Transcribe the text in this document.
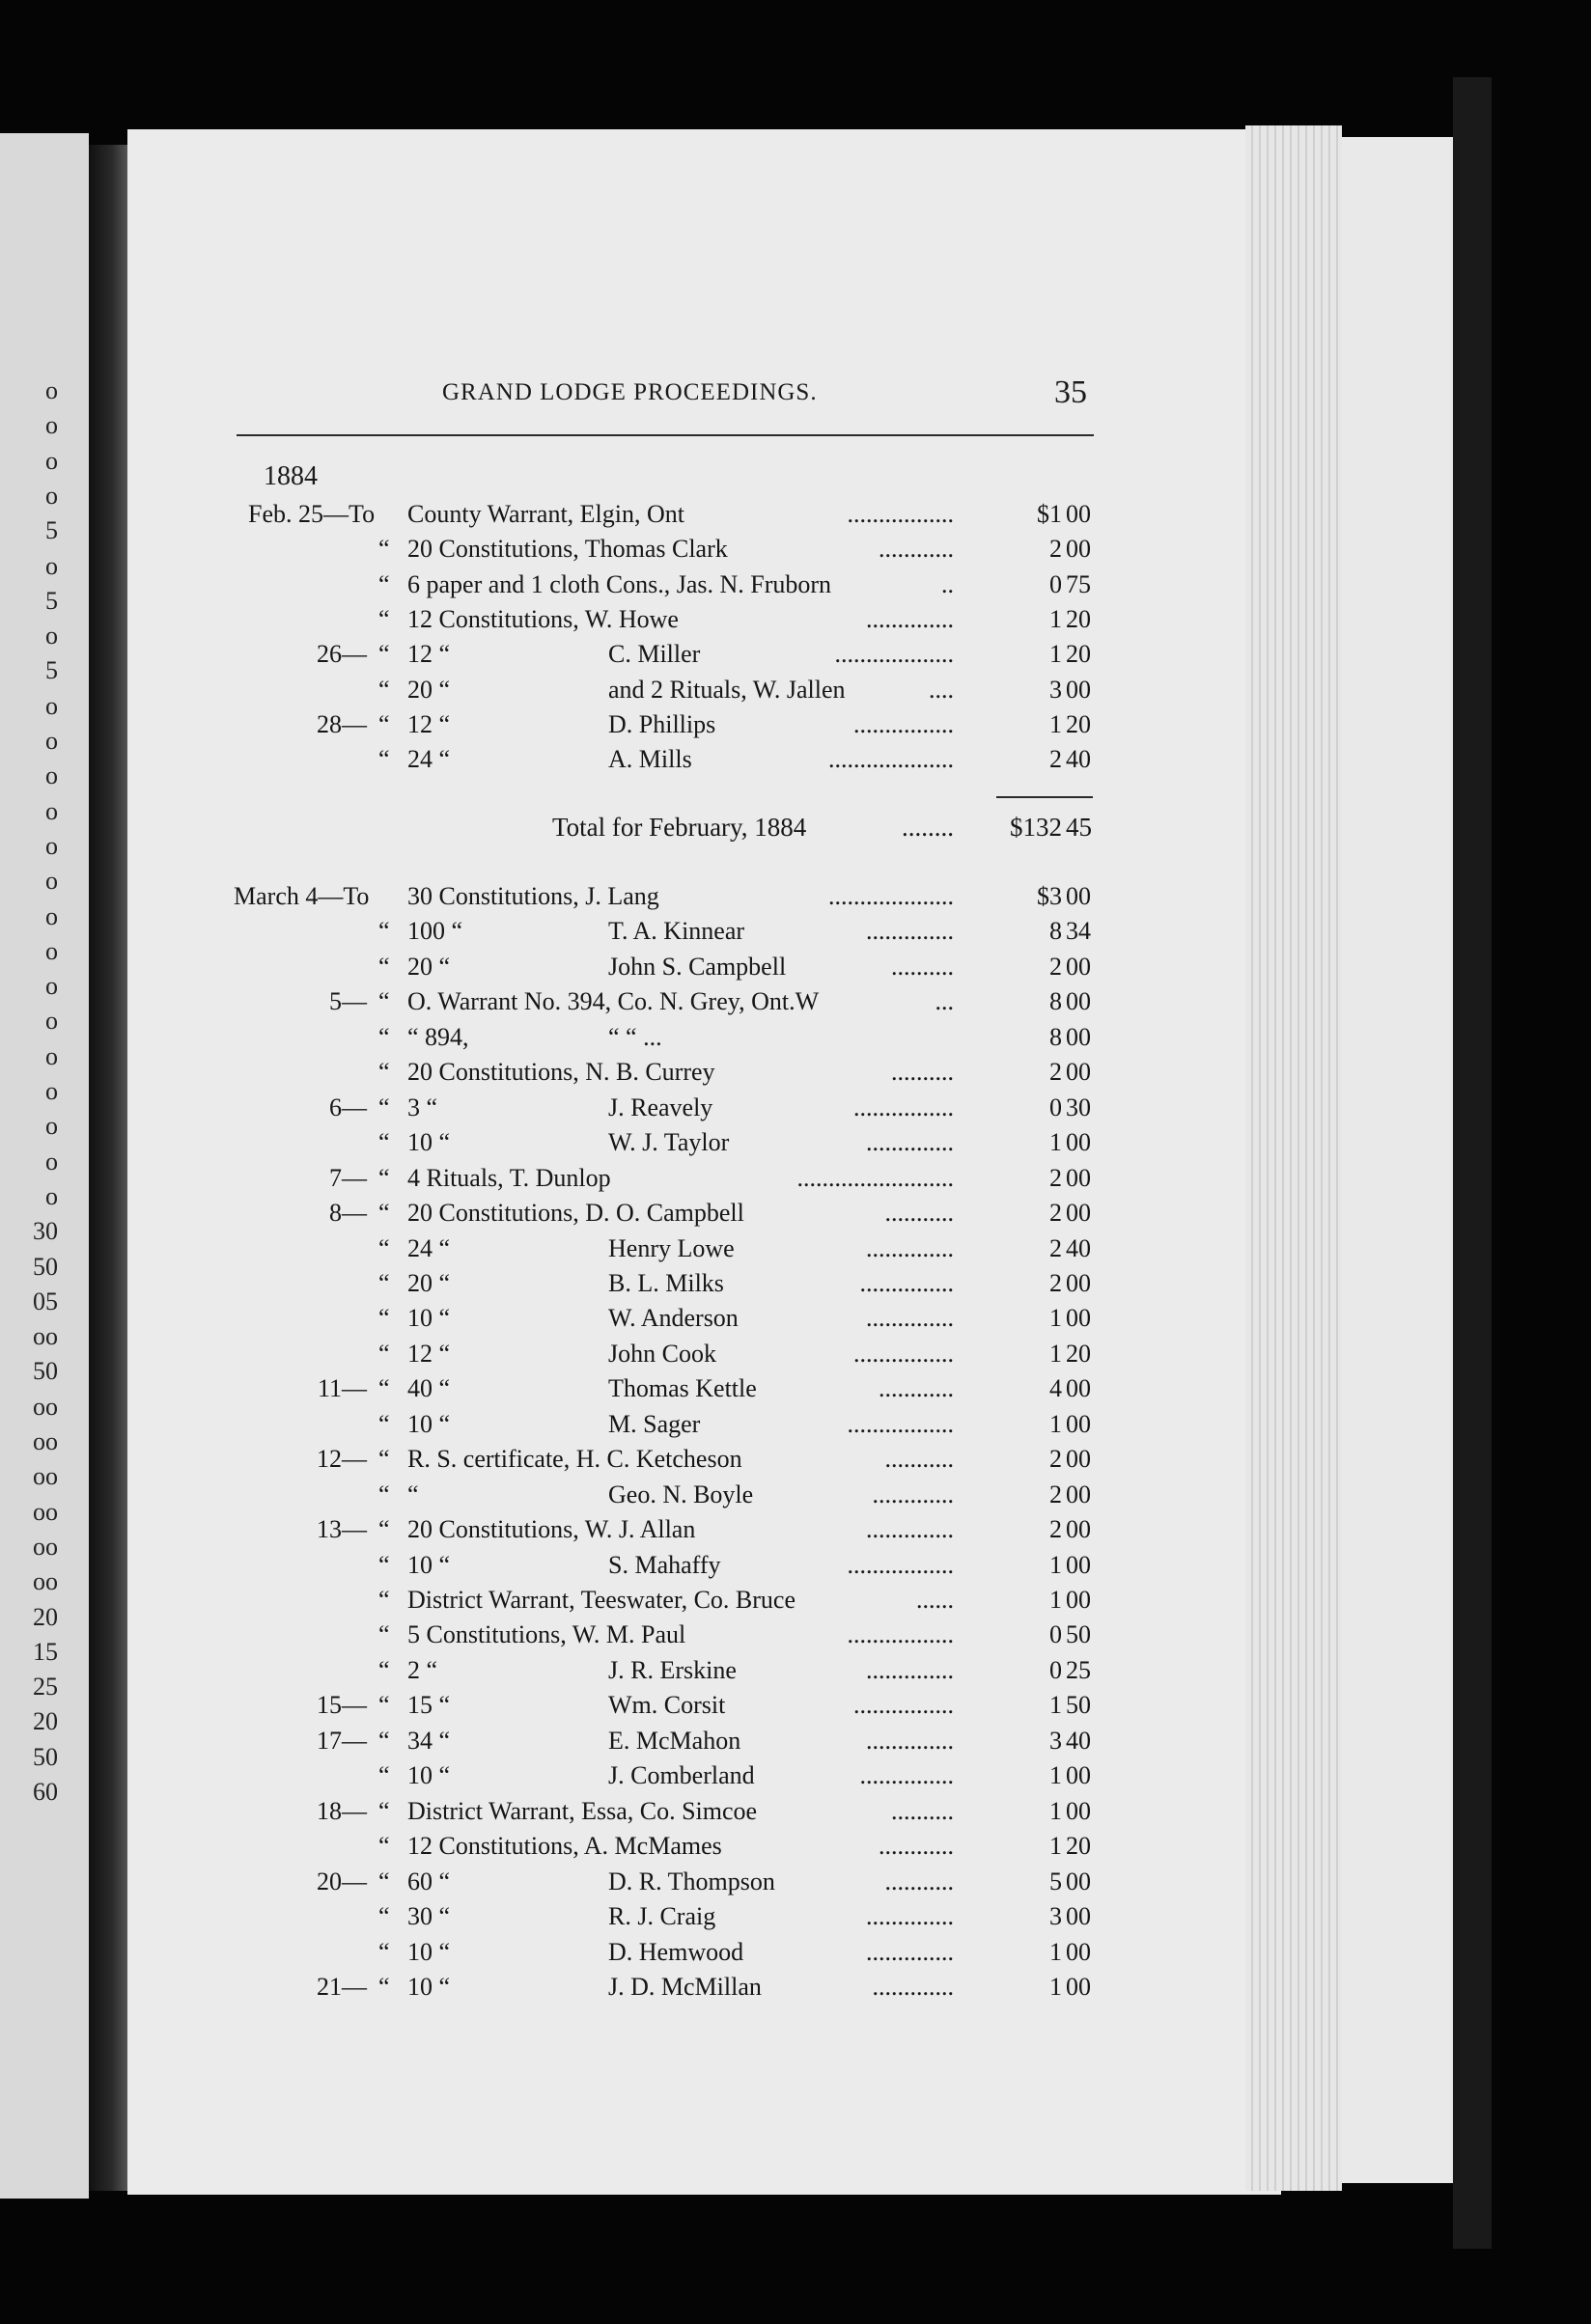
o
o
o
o
5
o
5
o
5
o
o
o
o
o
o
o
o
o
o
o
o
o
o
o
30
50
05
oo
50
oo
oo
oo
oo
oo
oo
20
15
25
20
50
60
GRAND LODGE PROCEEDINGS.	35
1884
Feb. 25—To County Warrant, Elgin, Ont	.................	$1 00
“ 20 Constitutions, Thomas Clark	............	2 00
“ 6 paper and 1 cloth Cons., Jas. N. Fruborn	..	0 75
“ 12 Constitutions, W. Howe	..............	1 20
26— “ 12 “	C. Miller	...................	1 20
“ 20 “	and 2 Rituals, W. Jallen	....	3 00
28— “ 12 “	D. Phillips	................	1 20
“ 24 “	A. Mills	....................	2 40
Total for February, 1884	........ $132 45
March 4—To 30 Constitutions, J. Lang	....................	$3 00
“ 100 “	T. A. Kinnear	..............	8 34
“ 20 “	John S. Campbell	..........	2 00
5— “ O. Warrant No. 394, Co. N. Grey, Ont.W	...	8 00
“ “ 894,	“ “ ...	8 00
“ 20 Constitutions, N. B. Currey	..........	2 00
6— “ 3 “	J. Reavely	................	0 30
“ 10 “	W. J. Taylor	..............	1 00
7— “ 4 Rituals, T. Dunlop	.........................	2 00
8— “ 20 Constitutions, D. O. Campbell	...........	2 00
“ 24 “	Henry Lowe	..............	2 40
“ 20 “	B. L. Milks	...............	2 00
“ 10 “	W. Anderson	..............	1 00
“ 12 “	John Cook	................	1 20
11— “ 40 “	Thomas Kettle	............	4 00
“ 10 “	M. Sager	.................	1 00
12— “ R. S. certificate, H. C. Ketcheson	...........	2 00
“ “	Geo. N. Boyle	.............	2 00
13— “ 20 Constitutions, W. J. Allan	..............	2 00
“ 10 “	S. Mahaffy	.................	1 00
“ District Warrant, Teeswater, Co. Bruce	......	1 00
“ 5 Constitutions, W. M. Paul	.................	0 50
“ 2 “	J. R. Erskine	..............	0 25
15— “ 15 “	Wm. Corsit	................	1 50
17— “ 34 “	E. McMahon	..............	3 40
“ 10 “	J. Comberland	...............	1 00
18— “ District Warrant, Essa, Co. Simcoe	..........	1 00
“ 12 Constitutions, A. McMames	............	1 20
20— “ 60 “	D. R. Thompson	...........	5 00
“ 30 “	R. J. Craig	..............	3 00
“ 10 “	D. Hemwood	..............	1 00
21— “ 10 “	J. D. McMillan	.............	1 00
